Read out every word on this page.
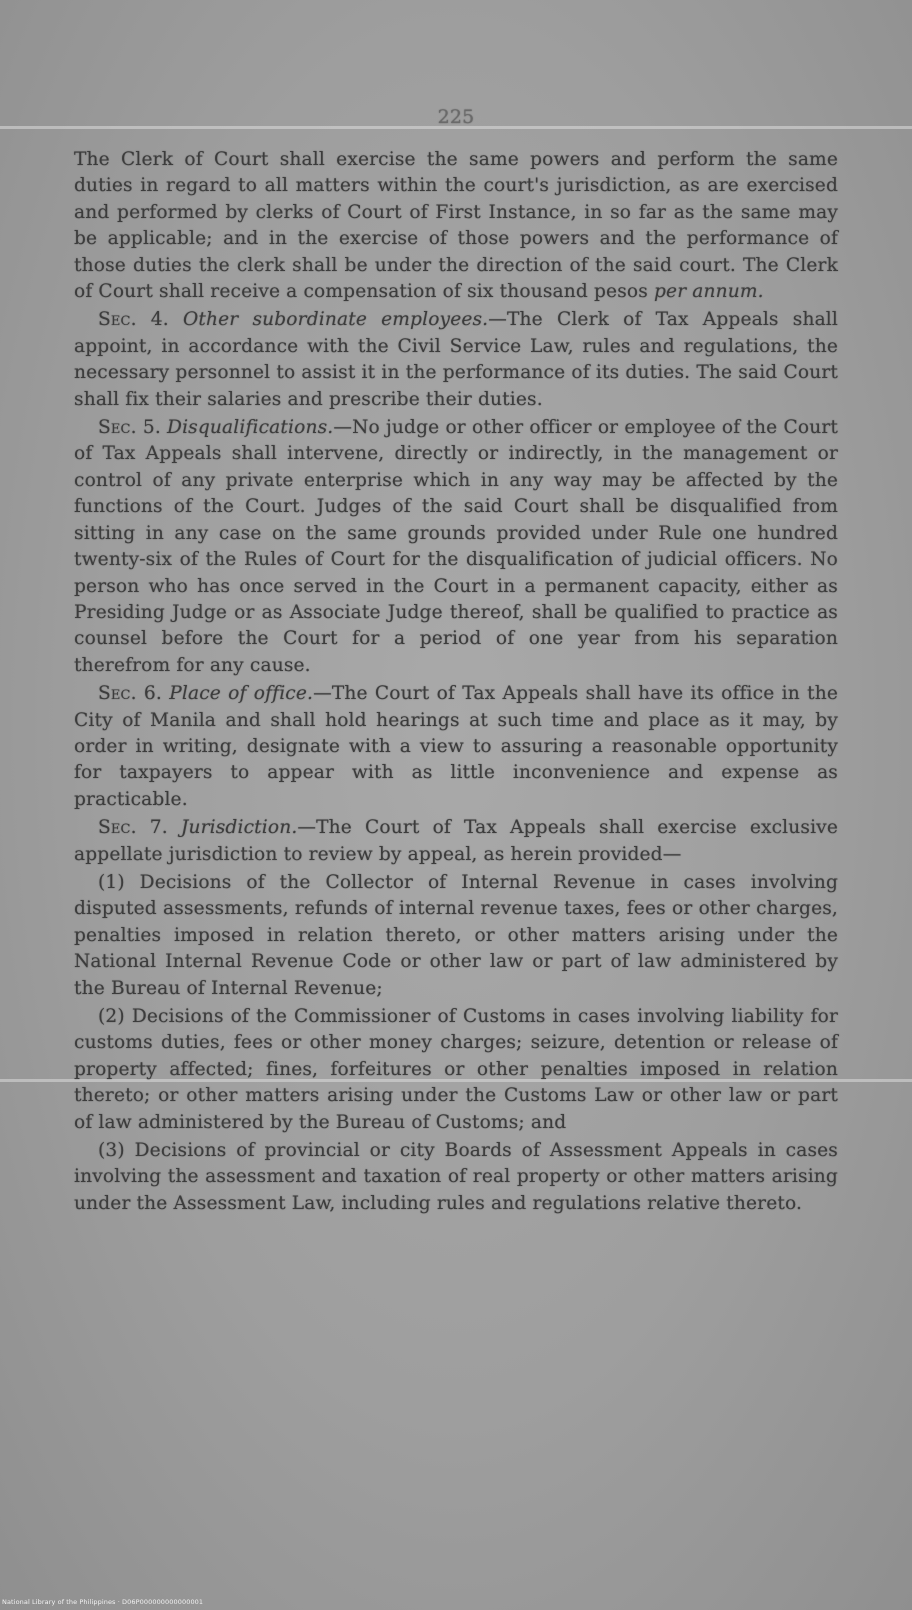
225

The Clerk of Court shall exercise the same powers and perform the same duties in regard to all matters within the court's jurisdiction, as are exercised and performed by clerks of Court of First Instance, in so far as the same may be applicable; and in the exercise of those powers and the performance of those duties the clerk shall be under the direction of the said court. The Clerk of Court shall receive a compensation of six thousand pesos per annum.

Sec. 4. Other subordinate employees.—The Clerk of Tax Appeals shall appoint, in accordance with the Civil Service Law, rules and regulations, the necessary personnel to assist it in the performance of its duties. The said Court shall fix their salaries and prescribe their duties.

Sec. 5. Disqualifications.—No judge or other officer or employee of the Court of Tax Appeals shall intervene, directly or indirectly, in the management or control of any private enterprise which in any way may be affected by the functions of the Court. Judges of the said Court shall be disqualified from sitting in any case on the same grounds provided under Rule one hundred twenty-six of the Rules of Court for the disqualification of judicial officers. No person who has once served in the Court in a permanent capacity, either as Presiding Judge or as Associate Judge thereof, shall be qualified to practice as counsel before the Court for a period of one year from his separation therefrom for any cause.

Sec. 6. Place of office.—The Court of Tax Appeals shall have its office in the City of Manila and shall hold hearings at such time and place as it may, by order in writing, designate with a view to assuring a reasonable opportunity for taxpayers to appear with as little inconvenience and expense as practicable.

Sec. 7. Jurisdiction.—The Court of Tax Appeals shall exercise exclusive appellate jurisdiction to review by appeal, as herein provided—

(1) Decisions of the Collector of Internal Revenue in cases involving disputed assessments, refunds of internal revenue taxes, fees or other charges, penalties imposed in relation thereto, or other matters arising under the National Internal Revenue Code or other law or part of law administered by the Bureau of Internal Revenue;

(2) Decisions of the Commissioner of Customs in cases involving liability for customs duties, fees or other money charges; seizure, detention or release of property affected; fines, forfeitures or other penalties imposed in relation thereto; or other matters arising under the Customs Law or other law or part of law administered by the Bureau of Customs; and

(3) Decisions of provincial or city Boards of Assessment Appeals in cases involving the assessment and taxation of real property or other matters arising under the Assessment Law, including rules and regulations relative thereto.

National Library of the Philippines · D06P000000000000001
